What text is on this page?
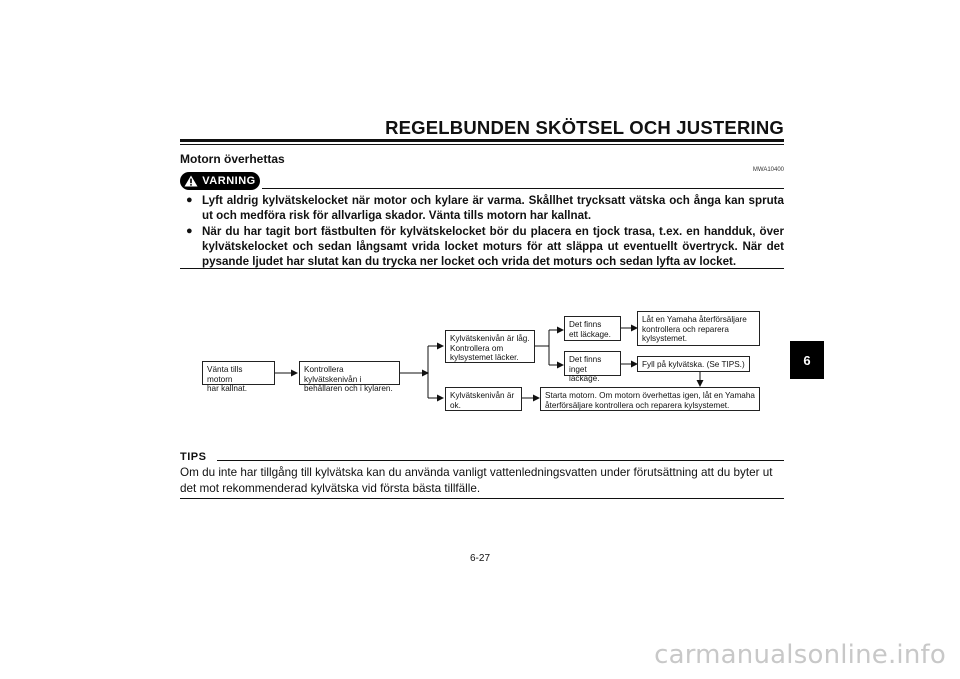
REGELBUNDEN SKÖTSEL OCH JUSTERING
6
Motorn överhettas
MWA10400
VARNING
● Lyft aldrig kylvätskelocket när motor och kylare är varma. Skållhet trycksatt vätska och ånga kan spruta ut och medföra risk för allvarliga skador. Vänta tills motorn har kallnat.
● När du har tagit bort fästbulten för kylvätskelocket bör du placera en tjock trasa, t.ex. en handduk, över kylvätskelocket och sedan långsamt vrida locket moturs för att släppa ut eventuellt övertryck. När det pysande ljudet har slutat kan du trycka ner locket och vrida det moturs och sedan lyfta av locket.
Vänta tills motorn
har kallnat.
Kontrollera kylvätskenivån i
behållaren och i kylaren.
Kylvätskenivån är låg.
Kontrollera om
kylsystemet läcker.
Kylvätskenivån är
ok.
Det finns
ett läckage.
Det finns
inget läckage.
Låt en Yamaha återförsäljare
kontrollera och reparera
kylsystemet.
Fyll på kylvätska. (Se TIPS.)
Starta motorn. Om motorn överhettas igen, låt en Yamaha
återförsäljare kontrollera och reparera kylsystemet.
TIPS
Om du inte har tillgång till kylvätska kan du använda vanligt vattenledningsvatten under förutsättning att du byter ut det mot rekommenderad kylvätska vid första bästa tillfälle.
6-27
carmanualsonline.info
